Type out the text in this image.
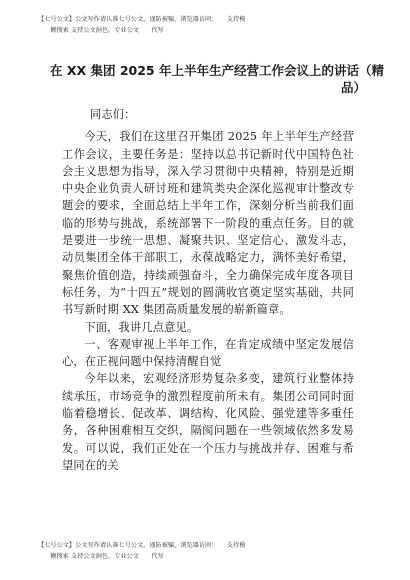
【七号公文】公文写作请认准七号公文，谨防被骗，浏览器访问：　　支持模
　　糊搜索 支持公文洞色、专业公文　　代写
在 XX 集团 2025 年上半年生产经营工作会议上的讲话（精
品）

同志们：

今天，我们在这里召开集团 2025 年上半年生产经营工作会议，主要任务是：坚持以总书记新时代中国特色社会主义思想为指导，深入学习贯彻中央精神，特别是近期中央企业负责人研讨班和建筑类央企深化巡视审计整改专题会的要求，全面总结上半年工作，深刻分析当前我们面临的形势与挑战，系统部署下一阶段的重点任务。目的就是要进一步统一思想、凝聚共识、坚定信心、激发斗志，动员集团全体干部职工，永葆战略定力，满怀美好希望，聚焦价值创造，持续顽强奋斗，全力确保完成年度各项目标任务，为“十四五”规划的圆满收官奠定坚实基础，共同书写新时期 XX 集团高质量发展的崭新篇章。

下面，我讲几点意见。

一、客观审视上半年工作，在肯定成绩中坚定发展信心，在正视问题中保持清醒自觉

今年以来，宏观经济形势复杂多变，建筑行业整体持续承压，市场竞争的激烈程度前所未有。集团公司同时面临着稳增长、促改革、调结构、化风险、强党建等多重任务，各种困难相互交织，隔阂问题在一些领域依然多发易发。可以说，我们正处在一个压力与挑战并存、困难与希望同在的关

【七号公文】公文写作请认准七号公文，谨防被骗，浏览器访问：　　支持模
　　糊搜索 支持公文洞色、专业公文　　代写
